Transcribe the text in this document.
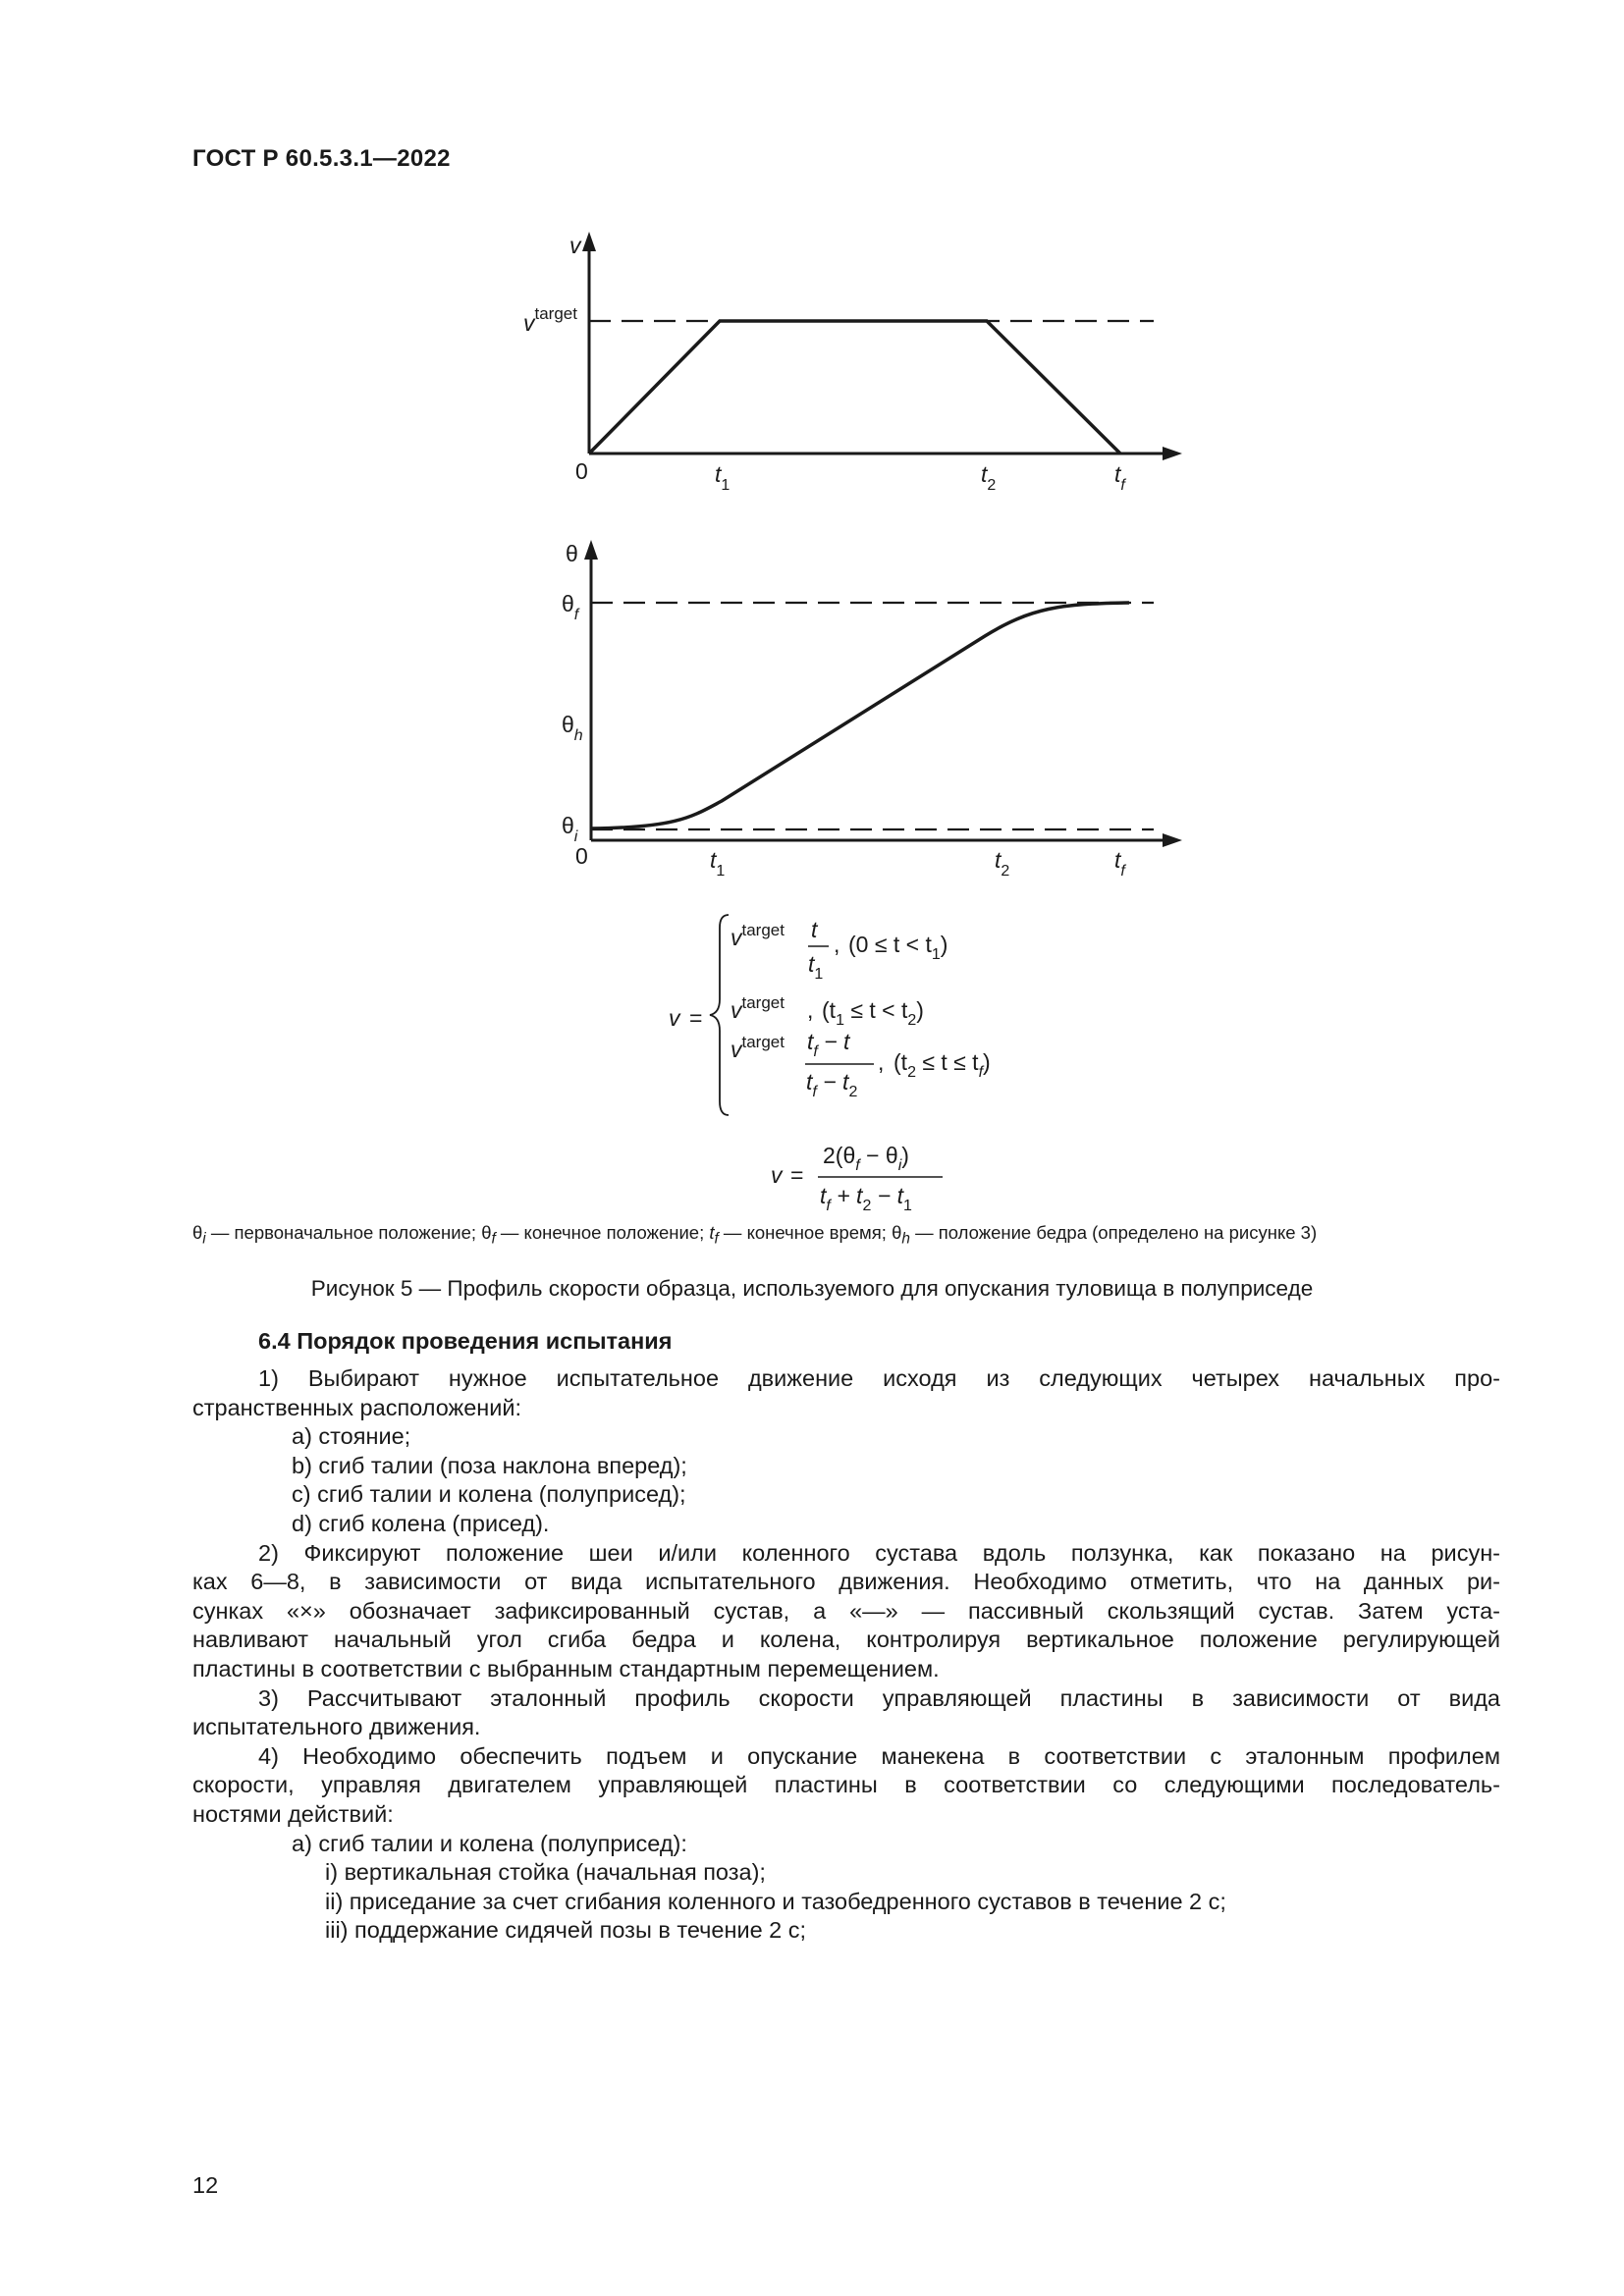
ГОСТ Р 60.5.3.1—2022
v
$v^{target}$
0	$t_1$	$t_2$	$t_f$
θ
$\theta_f$
$\theta_h$
$\theta_i$
0	$t_1$	$t_2$	$t_f$
v =
$v^{target}$ t
$t_1$
, $(0 \le t < t_1)$
$v^{target}$ , $(t_1 \le t < t_2)$
$v^{target}$ $t_f - t$
$t_f - t_2$
, $(t_2 \le t \le t_f)$
v =
$2(\theta_f - \theta_i)$
$t_f + t_2 - t_1$
$\theta_i$ — первоначальное положение; $\theta_f$ — конечное положение; $t_f$ — конечное время; $\theta_h$ — положение бедра (определено на рисунке 3)
Рисунок 5 — Профиль скорости образца, используемого для опускания туловища в полуприседе
6.4 Порядок проведения испытания
1) Выбирают нужное испытательное движение исходя из следующих четырех начальных про-
странственных расположений:
a) стояние;
b) сгиб талии (поза наклона вперед);
c) сгиб талии и колена (полуприсед);
d) сгиб колена (присед).
2) Фиксируют положение шеи и/или коленного сустава вдоль ползунка, как показано на рисун-
ках 6—8, в зависимости от вида испытательного движения. Необходимо отметить, что на данных ри-
сунках «×» обозначает зафиксированный сустав, а «—» — пассивный скользящий сустав. Затем уста-
навливают начальный угол сгиба бедра и колена, контролируя вертикальное положение регулирующей
пластины в соответствии с выбранным стандартным перемещением.
3) Рассчитывают эталонный профиль скорости управляющей пластины в зависимости от вида
испытательного движения.
4) Необходимо обеспечить подъем и опускание манекена в соответствии с эталонным профилем
скорости, управляя двигателем управляющей пластины в соответствии со следующими последователь-
ностями действий:
a) сгиб талии и колена (полуприсед):
i) вертикальная стойка (начальная поза);
ii) приседание за счет сгибания коленного и тазобедренного суставов в течение 2 с;
iii) поддержание сидячей позы в течение 2 с;
12
